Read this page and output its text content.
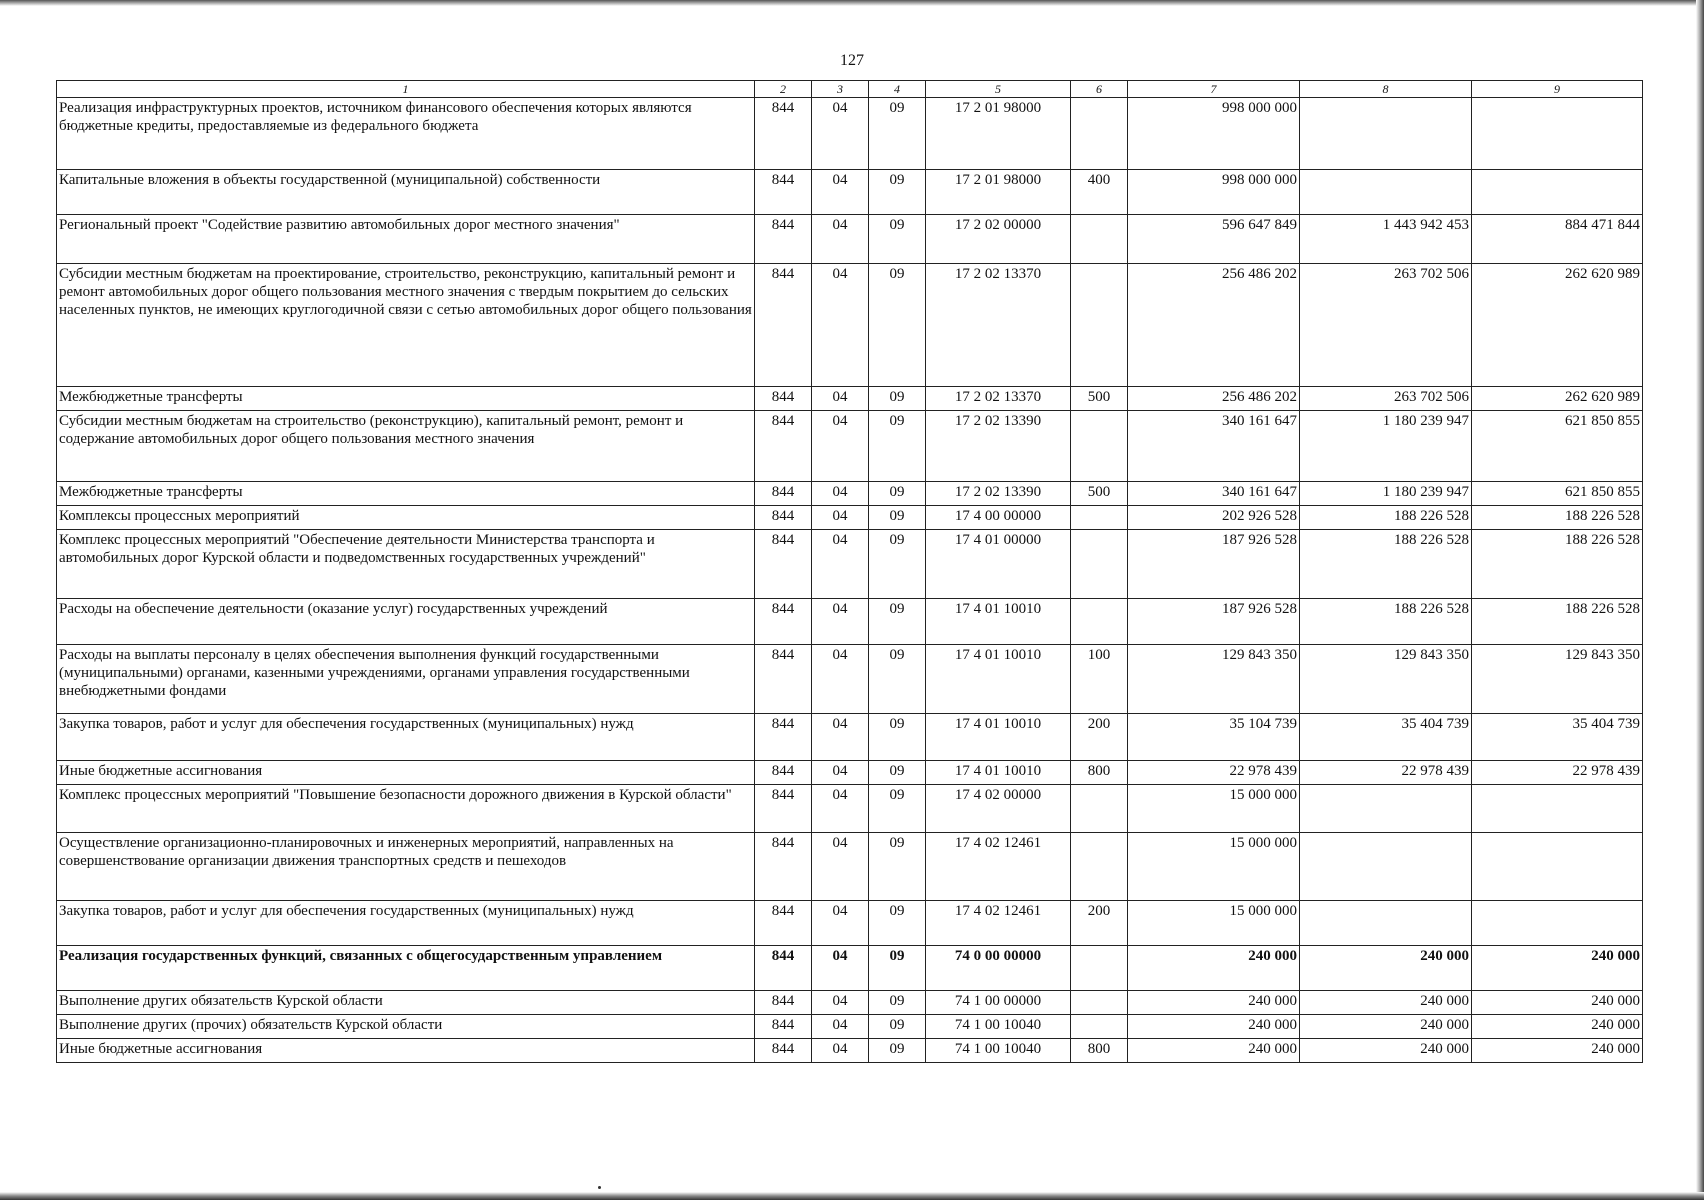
127
1	2	3	4	5	6	7	8	9
Реализация инфраструктурных проектов, источником финансового обеспечения которых являются бюджетные кредиты, предоставляемые из федерального бюджета	844	04	09	17 2 01 98000		998 000 000		
Капитальные вложения в объекты государственной (муниципальной) собственности	844	04	09	17 2 01 98000	400	998 000 000		
Региональный проект "Содействие развитию автомобильных дорог местного значения"	844	04	09	17 2 02 00000		596 647 849	1 443 942 453	884 471 844
Субсидии местным бюджетам на проектирование, строительство, реконструкцию, капитальный ремонт и ремонт автомобильных дорог общего пользования местного значения с твердым покрытием до сельских населенных пунктов, не имеющих круглогодичной связи с сетью автомобильных дорог общего пользования	844	04	09	17 2 02 13370		256 486 202	263 702 506	262 620 989
Межбюджетные трансферты	844	04	09	17 2 02 13370	500	256 486 202	263 702 506	262 620 989
Субсидии местным бюджетам на строительство (реконструкцию), капитальный ремонт, ремонт и содержание автомобильных дорог общего пользования местного значения	844	04	09	17 2 02 13390		340 161 647	1 180 239 947	621 850 855
Межбюджетные трансферты	844	04	09	17 2 02 13390	500	340 161 647	1 180 239 947	621 850 855
Комплексы процессных мероприятий	844	04	09	17 4 00 00000		202 926 528	188 226 528	188 226 528
Комплекс процессных мероприятий "Обеспечение деятельности Министерства транспорта и автомобильных дорог Курской области и подведомственных государственных учреждений"	844	04	09	17 4 01 00000		187 926 528	188 226 528	188 226 528
Расходы на обеспечение деятельности (оказание услуг) государственных учреждений	844	04	09	17 4 01 10010		187 926 528	188 226 528	188 226 528
Расходы на выплаты персоналу в целях обеспечения выполнения функций государственными (муниципальными) органами, казенными учреждениями, органами управления государственными внебюджетными фондами	844	04	09	17 4 01 10010	100	129 843 350	129 843 350	129 843 350
Закупка товаров, работ и услуг для обеспечения государственных (муниципальных) нужд	844	04	09	17 4 01 10010	200	35 104 739	35 404 739	35 404 739
Иные бюджетные ассигнования	844	04	09	17 4 01 10010	800	22 978 439	22 978 439	22 978 439
Комплекс процессных мероприятий "Повышение безопасности дорожного движения в Курской области"	844	04	09	17 4 02 00000		15 000 000		
Осуществление организационно-планировочных и инженерных мероприятий, направленных на совершенствование организации движения транспортных средств и пешеходов	844	04	09	17 4 02 12461		15 000 000		
Закупка товаров, работ и услуг для обеспечения государственных (муниципальных) нужд	844	04	09	17 4 02 12461	200	15 000 000		
Реализация государственных функций, связанных с общегосударственным управлением	844	04	09	74 0 00 00000		240 000	240 000	240 000
Выполнение других обязательств Курской области	844	04	09	74 1 00 00000		240 000	240 000	240 000
Выполнение других (прочих) обязательств Курской области	844	04	09	74 1 00 10040		240 000	240 000	240 000
Иные бюджетные ассигнования	844	04	09	74 1 00 10040	800	240 000	240 000	240 000
